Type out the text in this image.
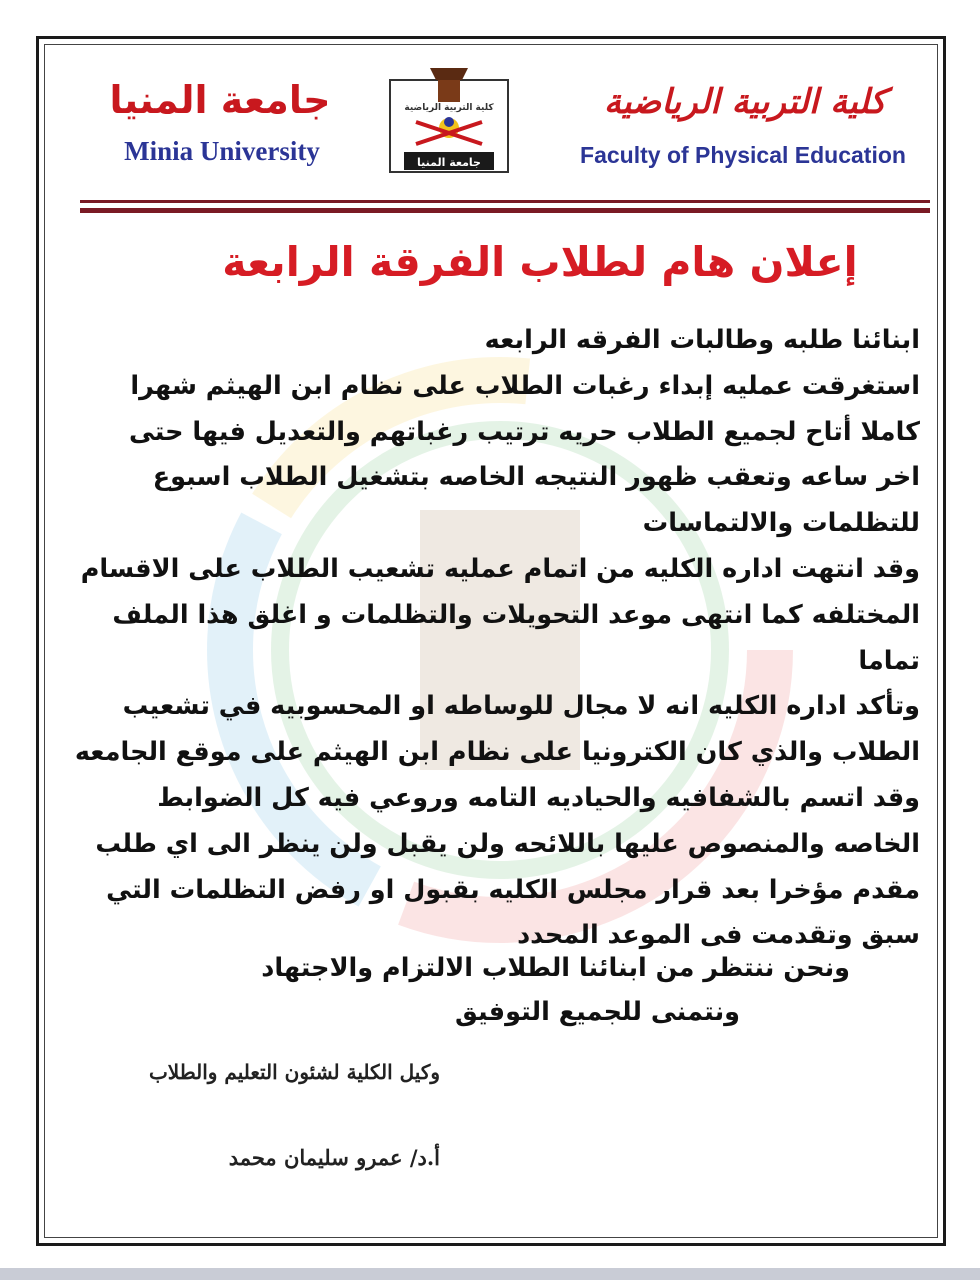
جامعة المنيا
Minia University
كلية التربية الرياضية
جامعة المنيا
كلية التربية الرياضية
Faculty of Physical Education
إعلان هام لطلاب الفرقة الرابعة
ابنائنا طلبه وطالبات الفرقه الرابعه
استغرقت عمليه إبداء رغبات الطلاب على نظام ابن الهيثم شهرا
كاملا أتاح لجميع الطلاب حريه ترتيب رغباتهم والتعديل فيها حتى
اخر ساعه وتعقب ظهور النتيجه الخاصه بتشغيل الطلاب اسبوع
للتظلمات والالتماسات
وقد انتهت اداره الكليه من اتمام عمليه تشعيب الطلاب على الاقسام
المختلفه كما انتهى موعد التحويلات والتظلمات و اغلق هذا الملف
تماما
وتأكد اداره الكليه انه لا مجال للوساطه او المحسوبيه في تشعيب
الطلاب والذي كان الكترونيا على نظام ابن الهيثم على موقع الجامعه
وقد اتسم بالشفافيه والحياديه التامه وروعي فيه كل الضوابط
الخاصه والمنصوص عليها باللائحه ولن يقبل ولن ينظر الى اي طلب
مقدم مؤخرا بعد قرار مجلس الكليه بقبول او رفض التظلمات التي
سبق وتقدمت فى الموعد المحدد
ونحن ننتظر من ابنائنا الطلاب الالتزام والاجتهاد
ونتمنى للجميع التوفيق
وكيل الكلية لشئون التعليم والطلاب
أ.د/ عمرو سليمان محمد
